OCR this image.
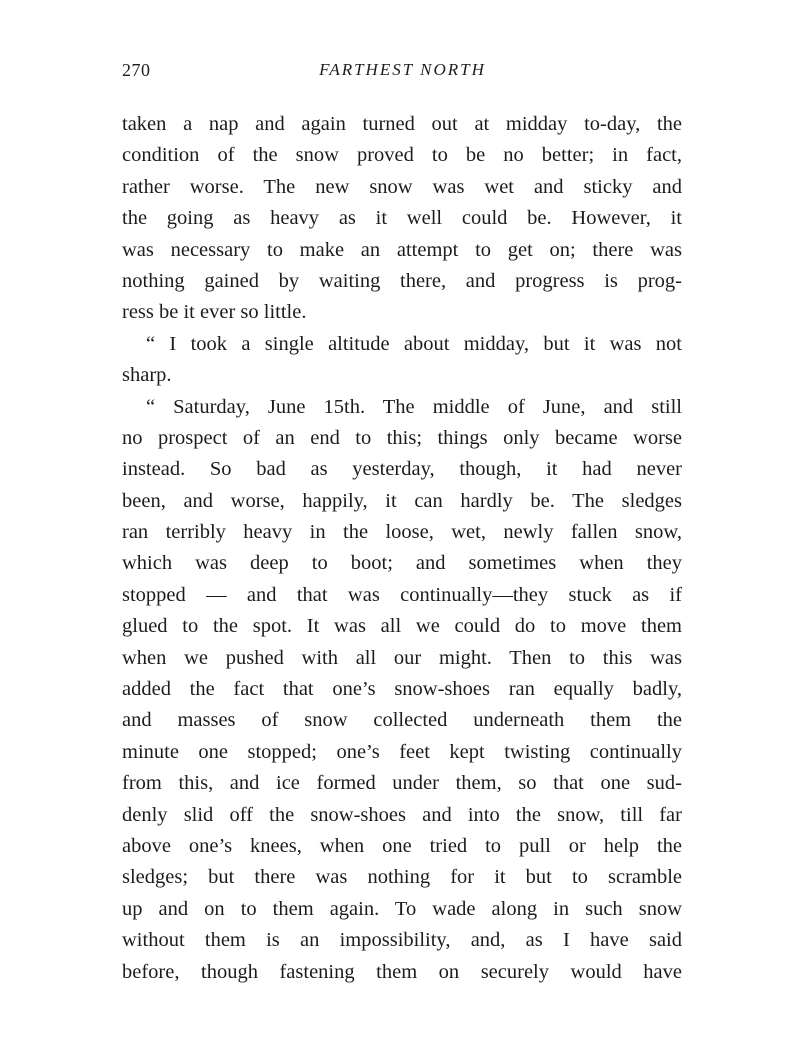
270	FARTHEST NORTH
taken a nap and again turned out at midday to-day, the
condition of the snow proved to be no better; in fact,
rather worse. The new snow was wet and sticky and
the going as heavy as it well could be. However, it
was necessary to make an attempt to get on; there was
nothing gained by waiting there, and progress is prog-
ress be it ever so little.
“ I took a single altitude about midday, but it was not
sharp.
“ Saturday, June 15th. The middle of June, and still
no prospect of an end to this; things only became worse
instead. So bad as yesterday, though, it had never
been, and worse, happily, it can hardly be. The sledges
ran terribly heavy in the loose, wet, newly fallen snow,
which was deep to boot; and sometimes when they
stopped — and that was continually—they stuck as if
glued to the spot. It was all we could do to move them
when we pushed with all our might. Then to this was
added the fact that one’s snow-shoes ran equally badly,
and masses of snow collected underneath them the
minute one stopped; one’s feet kept twisting continually
from this, and ice formed under them, so that one sud-
denly slid off the snow-shoes and into the snow, till far
above one’s knees, when one tried to pull or help the
sledges; but there was nothing for it but to scramble
up and on to them again. To wade along in such snow
without them is an impossibility, and, as I have said
before, though fastening them on securely would have
